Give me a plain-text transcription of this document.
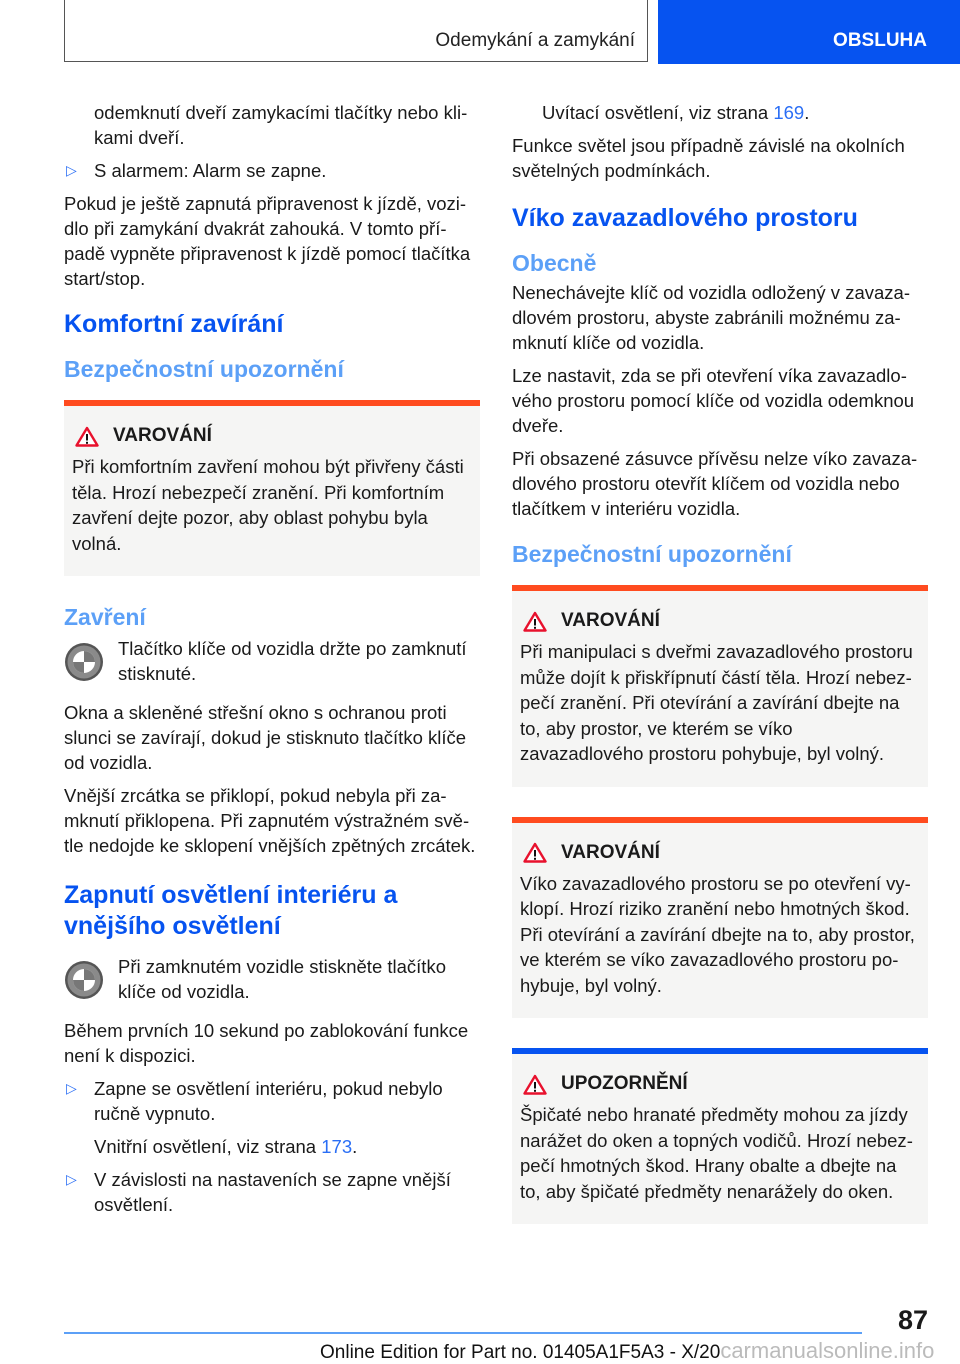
Odemykání a zamykání	OBSLUHA

odemknutí dveří zamykacími tlačítky nebo klikami dveří.

▷ S alarmem: Alarm se zapne.

Pokud je ještě zapnutá připravenost k jízdě, vozidlo při zamykání dvakrát zahouká. V tomto případě vypněte připravenost k jízdě pomocí tlačítka start/stop.

Komfortní zavírání
Bezpečnostní upozornění
VAROVÁNÍ

Při komfortním zavření mohou být přivřeny části těla. Hrozí nebezpečí zranění. Při komfortním zavření dejte pozor, aby oblast pohybu byla volná.

Zavření

Tlačítko klíče od vozidla držte po zamknutí stisknuté.

Okna a skleněné střešní okno s ochranou proti slunci se zavírají, dokud je stisknuto tlačítko klíče od vozidla.

Vnější zrcátka se přiklopí, pokud nebyla při zamknutí přiklopena. Při zapnutém výstražném světle nedojde ke sklopení vnějších zpětných zrcátek.

Zapnutí osvětlení interiéru a vnějšího osvětlení

Při zamknutém vozidle stiskněte tlačítko klíče od vozidla.

Během prvních 10 sekund po zablokování funkce není k dispozici.

▷ Zapne se osvětlení interiéru, pokud nebylo ručně vypnuto.

Vnitřní osvětlení, viz strana 173.

▷ V závislosti na nastaveních se zapne vnější osvětlení.

Uvítací osvětlení, viz strana 169.

Funkce světel jsou případně závislé na okolních světelných podmínkách.

Víko zavazadlového prostoru
Obecně

Nenechávejte klíč od vozidla odložený v zavazadlovém prostoru, abyste zabránili možnému zamknutí klíče od vozidla.

Lze nastavit, zda se při otevření víka zavazadlového prostoru pomocí klíče od vozidla odemknou dveře.

Při obsazené zásuvce přívěsu nelze víko zavazadlového prostoru otevřít klíčem od vozidla nebo tlačítkem v interiéru vozidla.

Bezpečnostní upozornění
VAROVÁNÍ

Při manipulaci s dveřmi zavazadlového prostoru může dojít k přiskřípnutí částí těla. Hrozí nebezpečí zranění. Při otevírání a zavírání dbejte na to, aby prostor, ve kterém se víko zavazadlového prostoru pohybuje, byl volný.

VAROVÁNÍ

Víko zavazadlového prostoru se po otevření vyklopí. Hrozí riziko zranění nebo hmotných škod. Při otevírání a zavírání dbejte na to, aby prostor, ve kterém se víko zavazadlového prostoru pohybuje, byl volný.

UPOZORNĚNÍ

Špičaté nebo hranaté předměty mohou za jízdy narážet do oken a topných vodičů. Hrozí nebezpečí hmotných škod. Hrany obalte a dbejte na to, aby špičaté předměty nenarážely do oken.

87
Online Edition for Part no. 01405A1F5A3 - X/20carmanualsonline.info
